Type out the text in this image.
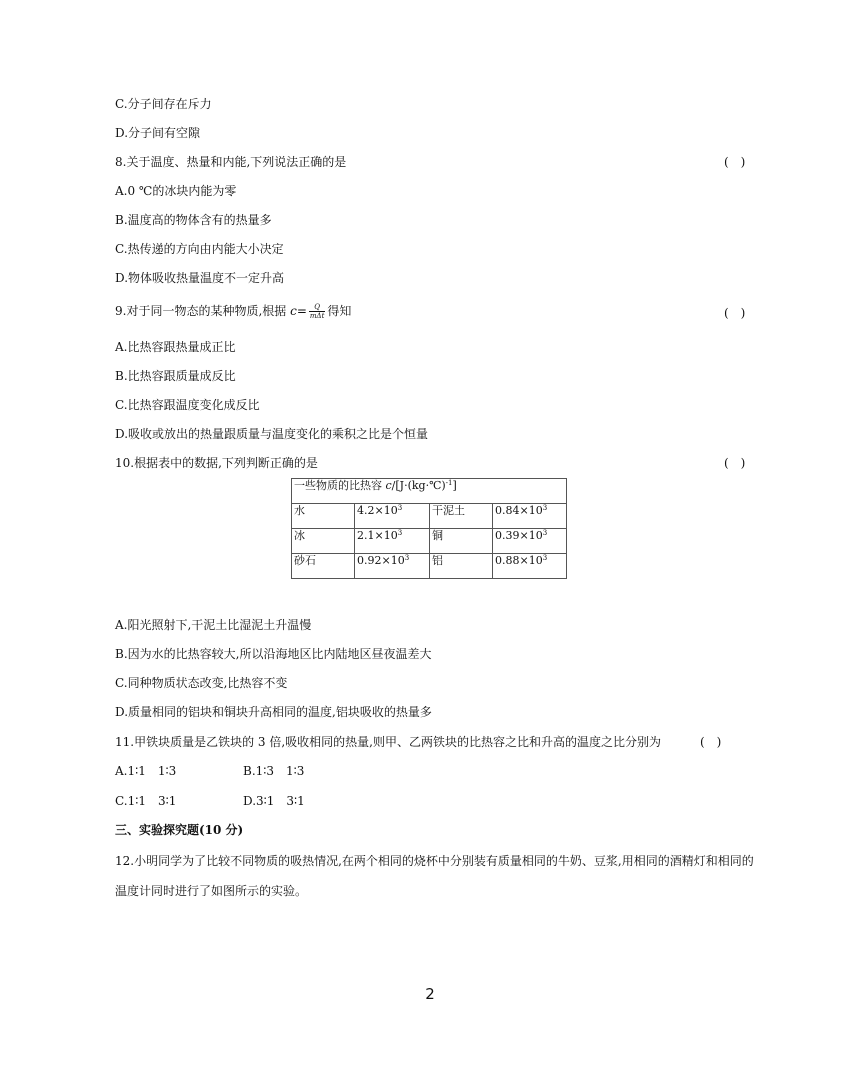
C.分子间存在斥力
D.分子间有空隙
8.关于温度、热量和内能,下列说法正确的是	(　)
A.0 ℃的冰块内能为零
B.温度高的物体含有的热量多
C.热传递的方向由内能大小决定
D.物体吸收热量温度不一定升高
9.对于同一物态的某种物质,根据 $c= \frac{Q}{\text{mΔt}}$ 得知	(　)
A.比热容跟热量成正比
B.比热容跟质量成反比
C.比热容跟温度变化成反比
D.吸收或放出的热量跟质量与温度变化的乘积之比是个恒量
10.根据表中的数据,下列判断正确的是	(　)
一些物质的比热容 c/[J·(kg·℃)$^{-1}$]			
水	$4.2\times 10^3$	干泥土	$0.84\times 10^3$
冰	$2.1\times 10^3$	铜	$0.39\times 10^3$
砂石	$0.92\times 10^3$	铝	$0.88\times 10^3$
A.阳光照射下,干泥土比湿泥土升温慢
B.因为水的比热容较大,所以沿海地区比内陆地区昼夜温差大
C.同种物质状态改变,比热容不变
D.质量相同的铝块和铜块升高相同的温度,铝块吸收的热量多
11.甲铁块质量是乙铁块的 3 倍,吸收相同的热量,则甲、乙两铁块的比热容之比和升高的温度之比分别为	(　)
A.1∶1　1∶3	B.1∶3　1∶3
C.1∶1　3∶1	D.3∶1　3∶1
三、实验探究题(10 分)
12.小明同学为了比较不同物质的吸热情况,在两个相同的烧杯中分别装有质量相同的牛奶、豆浆,用相同的酒精灯和相同的温度计同时进行了如图所示的实验。
2
